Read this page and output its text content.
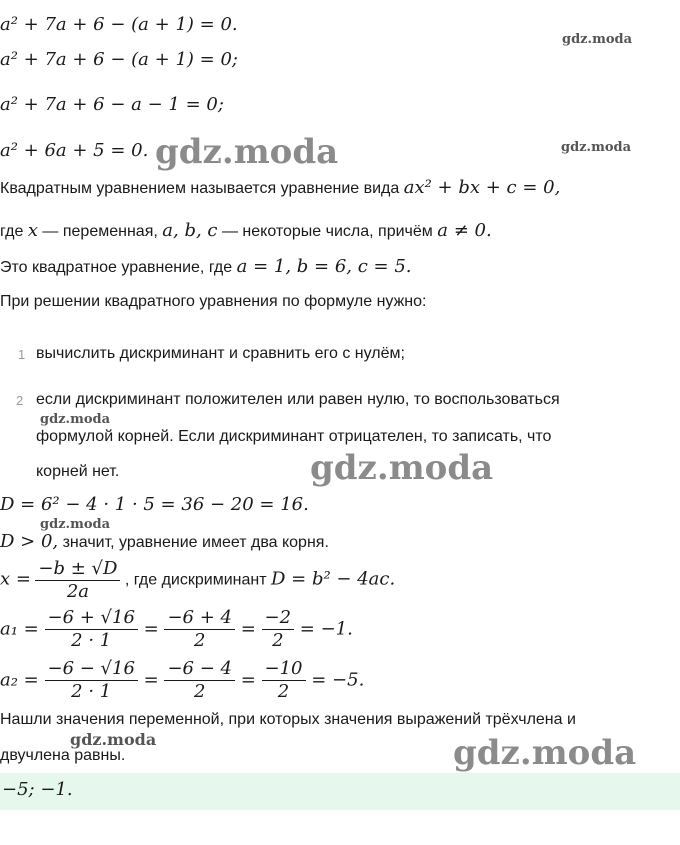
gdz.moda
gdz.moda
gdz.moda
gdz.moda
gdz.moda
gdz.moda
gdz.moda	gdz.moda
a² + 7a + 6 − (a + 1) = 0.
a² + 7a + 6 − (a + 1) = 0;
a² + 7a + 6 − a − 1 = 0;
a² + 6a + 5 = 0.
Квадратным уравнением называется уравнение вида ax² + bx + c = 0,
где x — переменная, a, b, c — некоторые числа, причём a ≠ 0.
Это квадратное уравнение, где a = 1, b = 6, c = 5.
При решении квадратного уравнения по формуле нужно:
1 вычислить дискриминант и сравнить его с нулём;
2 если дискриминант положителен или равен нулю, то воспользоваться
формулой корней. Если дискриминант отрицателен, то записать, что
корней нет.
D = 6² − 4 · 1 · 5 = 36 − 20 = 16.
D > 0, значит, уравнение имеет два корня.
$x = \frac{-b \pm √D}{2a}$ , где дискриминант D = b² − 4ac.
$a_1 = \frac{-6 + √16}{2 \cdot 1} = \frac{-6 + 4}{2} = \frac{-2}{2} = -1$.
$a_2 = \frac{-6 - √16}{2 \cdot 1} = \frac{-6 - 4}{2} = \frac{-10}{2} = -5$.
Нашли значения переменной, при которых значения выражений трёхчлена и
двучлена равны.
−5; −1.
